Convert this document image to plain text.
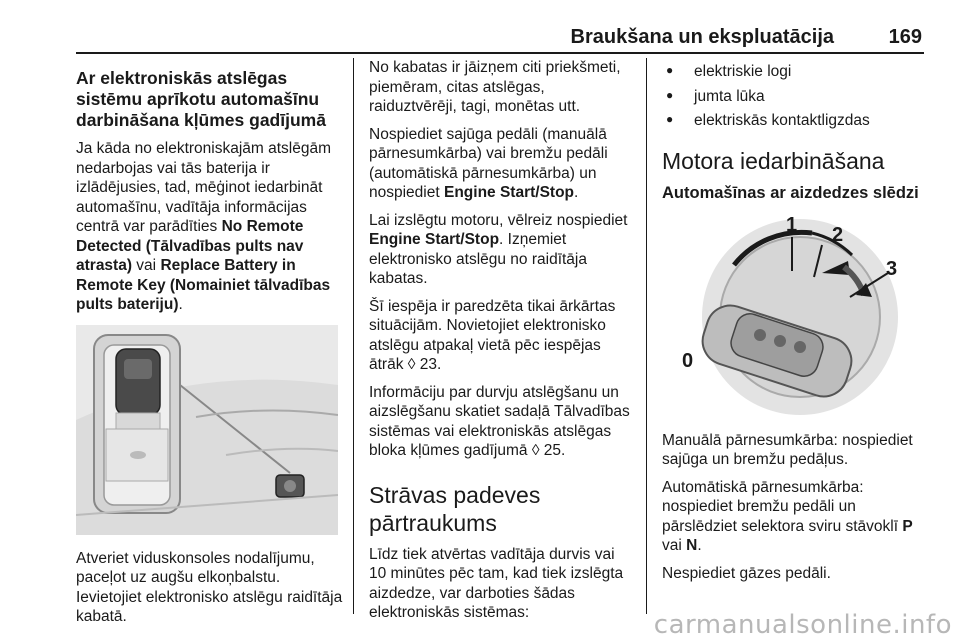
Braukšana un ekspluatācija	169
Ar elektroniskās atslēgas sistēmu aprīkotu automašīnu darbināšana kļūmes gadījumā

Ja kāda no elektroniskajām atslēgām nedarbojas vai tās baterija ir izlādējusies, tad, mēģinot iedarbināt automašīnu, vadītāja informācijas centrā var parādīties No Remote Detected (Tālvadības pults nav atrasta) vai Replace Battery in Remote Key (Nomainiet tālvadības pults bateriju).

Atveriet viduskonsoles nodalījumu, paceļot uz augšu elkoņbalstu. Ievietojiet elektronisko atslēgu raidītāja kabatā.

No kabatas ir jāizņem citi priekšmeti, piemēram, citas atslēgas, raiduztvērēji, tagi, monētas utt.

Nospiediet sajūga pedāli (manuālā pārnesumkārba) vai bremžu pedāli (automātiskā pārnesumkārba) un nospiediet Engine Start/Stop.

Lai izslēgtu motoru, vēlreiz nospiediet Engine Start/Stop. Izņemiet elektronisko atslēgu no raidītāja kabatas.

Šī iespēja ir paredzēta tikai ārkārtas situācijām. Novietojiet elektronisko atslēgu atpakaļ vietā pēc iespējas ātrāk ◊ 23.

Informāciju par durvju atslēgšanu un aizslēgšanu skatiet sadaļā Tālvadības sistēmas vai elektroniskās atslēgas bloka kļūmes gadījumā ◊ 25.

Strāvas padeves pārtraukums

Līdz tiek atvērtas vadītāja durvis vai 10 minūtes pēc tam, kad tiek izslēgta aizdedze, var darboties šādas elektroniskās sistēmas:

● elektriskie logi
● jumta lūka
● elektriskās kontaktligzdas
Motora iedarbināšana
Automašīnas ar aizdedzes slēdzi
0
1 2
3

Manuālā pārnesumkārba: nospiediet sajūga un bremžu pedāļus.

Automātiskā pārnesumkārba: nospiediet bremžu pedāli un pārslēdziet selektora sviru stāvoklī P vai N.

Nespiediet gāzes pedāli.

carmanualsonline.info
